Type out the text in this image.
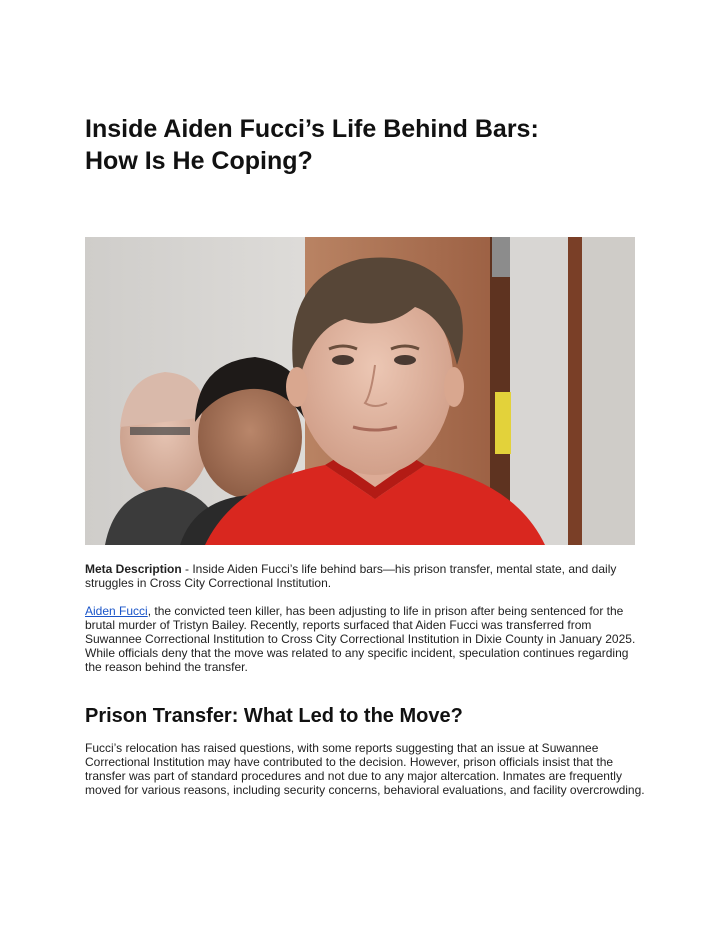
Inside Aiden Fucci’s Life Behind Bars:
How Is He Coping?

Meta Description - Inside Aiden Fucci’s life behind bars—his prison transfer, mental state, and daily struggles in Cross City Correctional Institution.

Aiden Fucci, the convicted teen killer, has been adjusting to life in prison after being sentenced for the brutal murder of Tristyn Bailey. Recently, reports surfaced that Aiden Fucci was transferred from Suwannee Correctional Institution to Cross City Correctional Institution in Dixie County in January 2025. While officials deny that the move was related to any specific incident, speculation continues regarding the reason behind the transfer.

Prison Transfer: What Led to the Move?

Fucci’s relocation has raised questions, with some reports suggesting that an issue at Suwannee Correctional Institution may have contributed to the decision. However, prison officials insist that the transfer was part of standard procedures and not due to any major altercation. Inmates are frequently moved for various reasons, including security concerns, behavioral evaluations, and facility overcrowding.
